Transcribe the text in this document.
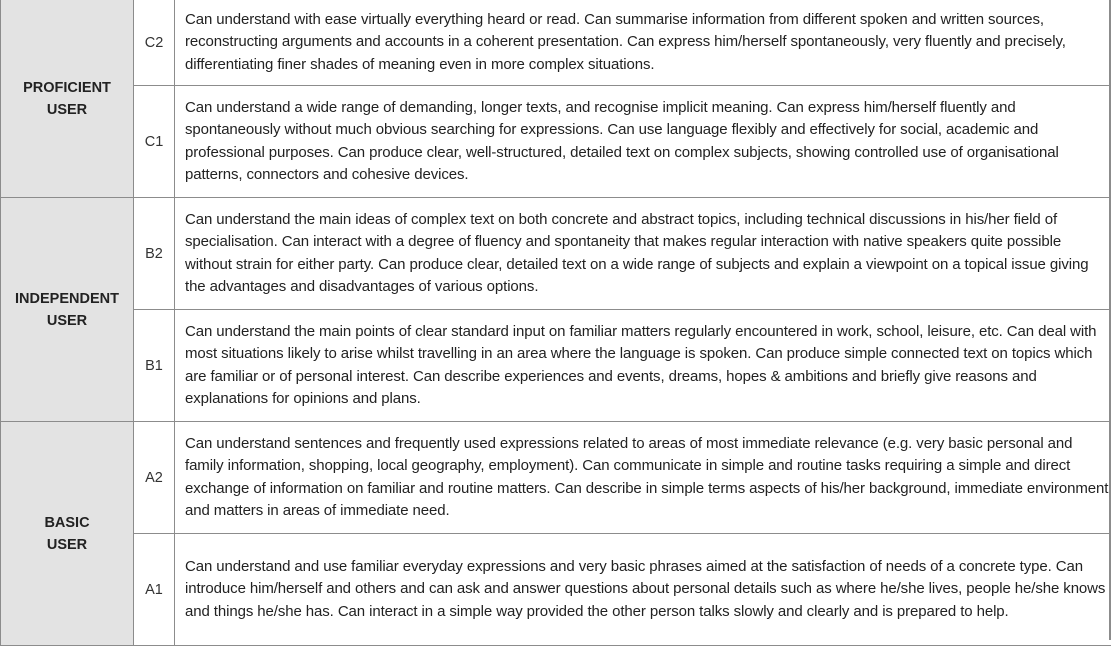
PROFICIENT
USER	C2	Can understand with ease virtually everything heard or read. Can summarise information from different spoken and written sources, reconstructing arguments and accounts in a coherent presentation. Can express him/herself spontaneously, very fluently and precisely, differentiating finer shades of meaning even in more complex situations.
	C1	Can understand a wide range of demanding, longer texts, and recognise implicit meaning. Can express him/herself fluently and spontaneously without much obvious searching for expressions. Can use language flexibly and effectively for social, academic and professional purposes. Can produce clear, well-structured, detailed text on complex subjects, showing controlled use of organisational patterns, connectors and cohesive devices.

INDEPENDENT
USER	B2	Can understand the main ideas of complex text on both concrete and abstract topics, including technical discussions in his/her field of specialisation. Can interact with a degree of fluency and spontaneity that makes regular interaction with native speakers quite possible without strain for either party. Can produce clear, detailed text on a wide range of subjects and explain a viewpoint on a topical issue giving the advantages and disadvantages of various options.
	B1	Can understand the main points of clear standard input on familiar matters regularly encountered in work, school, leisure, etc. Can deal with most situations likely to arise whilst travelling in an area where the language is spoken. Can produce simple connected text on topics which are familiar or of personal interest. Can describe experiences and events, dreams, hopes & ambitions and briefly give reasons and explanations for opinions and plans.

BASIC
USER	A2	Can understand sentences and frequently used expressions related to areas of most immediate relevance (e.g. very basic personal and family information, shopping, local geography, employment). Can communicate in simple and routine tasks requiring a simple and direct exchange of information on familiar and routine matters. Can describe in simple terms aspects of his/her background, immediate environment and matters in areas of immediate need.
	A1	Can understand and use familiar everyday expressions and very basic phrases aimed at the satisfaction of needs of a concrete type. Can introduce him/herself and others and can ask and answer questions about personal details such as where he/she lives, people he/she knows and things he/she has. Can interact in a simple way provided the other person talks slowly and clearly and is prepared to help.
